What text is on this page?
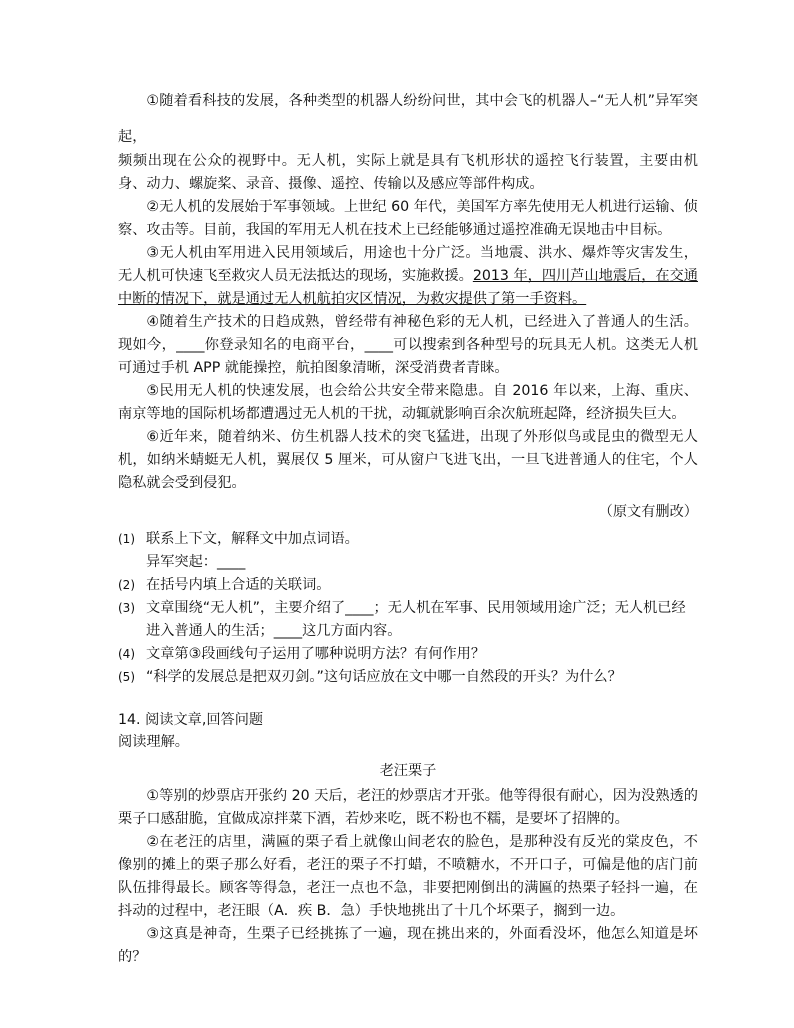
①随着看科技的发展，各种类型的机器人纷纷问世，其中会飞的机器人–“无人机”异军突起，

频频出现在公众的视野中。无人机，实际上就是具有飞机形状的遥控飞行装置，主要由机身、动力、螺旋桨、录音、摄像、遥控、传输以及感应等部件构成。

②无人机的发展始于军事领域。上世纪 60 年代，美国军方率先使用无人机进行运输、侦察、攻击等。目前，我国的军用无人机在技术上已经能够通过遥控准确无误地击中目标。

③无人机由军用进入民用领域后，用途也十分广泛。当地震、洪水、爆炸等灾害发生，无人机可快速飞至救灾人员无法抵达的现场，实施救援。2013 年，四川芦山地震后，在交通中断的情况下，就是通过无人机航拍灾区情况，为救灾提供了第一手资料。

④随着生产技术的日趋成熟，曾经带有神秘色彩的无人机，已经进入了普通人的生活。现如今，____你登录知名的电商平台，____可以搜索到各种型号的玩具无人机。这类无人机可通过手机 APP 就能操控，航拍图象清晰，深受消费者青睐。

⑤民用无人机的快速发展，也会给公共安全带来隐患。自 2016 年以来，上海、重庆、南京等地的国际机场都遭遇过无人机的干扰，动辄就影响百余次航班起降，经济损失巨大。

⑥近年来，随着纳米、仿生机器人技术的突飞猛进，出现了外形似鸟或昆虫的微型无人机，如纳米蜻蜓无人机，翼展仅 5 厘米，可从窗户飞进飞出，一旦飞进普通人的住宅，个人隐私就会受到侵犯。

（原文有删改）
(1) 联系上下文，解释文中加点词语。
异军突起：____
(2) 在括号内填上合适的关联词。
(3) 文章围绕“无人机”，主要介绍了____；无人机在军事、民用领域用途广泛；无人机已经进入普通人的生活；____这几方面内容。
(4) 文章第③段画线句子运用了哪种说明方法？有何作用？
(5) “科学的发展总是把双刃剑。”这句话应放在文中哪一自然段的开头？为什么？
14. 阅读文章,回答问题
阅读理解。
老汪栗子

①等别的炒票店开张约 20 天后，老汪的炒票店才开张。他等得很有耐心，因为没熟透的栗子口感甜脆，宜做成凉拌菜下酒，若炒来吃，既不粉也不糯，是要坏了招牌的。

②在老汪的店里，满匾的栗子看上就像山间老农的脸色，是那种没有反光的棠皮色，不像别的摊上的栗子那么好看，老汪的栗子不打蜡，不喷糖水，不开口子，可偏是他的店门前队伍排得最长。顾客等得急，老汪一点也不急，非要把刚倒出的满匾的热栗子轻抖一遍，在抖动的过程中，老汪眼（A．疾 B．急）手快地挑出了十几个坏栗子，搁到一边。

③这真是神奇，生栗子已经挑拣了一遍，现在挑出来的，外面看没坏，他怎么知道是坏的？
